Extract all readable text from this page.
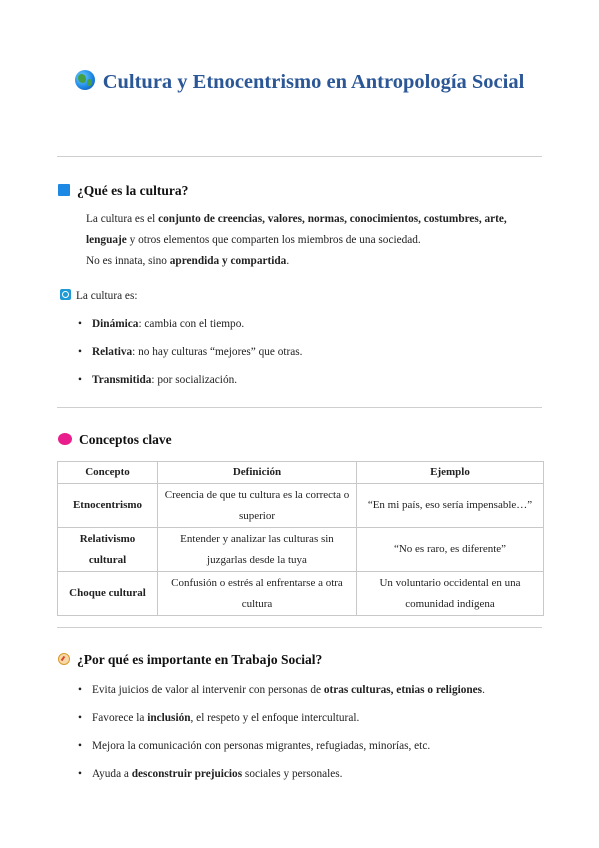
Cultura y Etnocentrismo en Antropología Social
¿Qué es la cultura?
La cultura es el conjunto de creencias, valores, normas, conocimientos, costumbres, arte, lenguaje y otros elementos que comparten los miembros de una sociedad.
No es innata, sino aprendida y compartida.
La cultura es:
• Dinámica: cambia con el tiempo.
• Relativa: no hay culturas “mejores” que otras.
• Transmitida: por socialización.
Conceptos clave
Concepto	Definición	Ejemplo
Etnocentrismo	Creencia de que tu cultura es la correcta o superior	“En mi país, eso sería impensable…”
Relativismo cultural	Entender y analizar las culturas sin juzgarlas desde la tuya	“No es raro, es diferente”
Choque cultural	Confusión o estrés al enfrentarse a otra cultura	Un voluntario occidental en una comunidad indígena
¿Por qué es importante en Trabajo Social?
• Evita juicios de valor al intervenir con personas de otras culturas, etnias o religiones.
• Favorece la inclusión, el respeto y el enfoque intercultural.
• Mejora la comunicación con personas migrantes, refugiadas, minorías, etc.
• Ayuda a desconstruir prejuicios sociales y personales.
